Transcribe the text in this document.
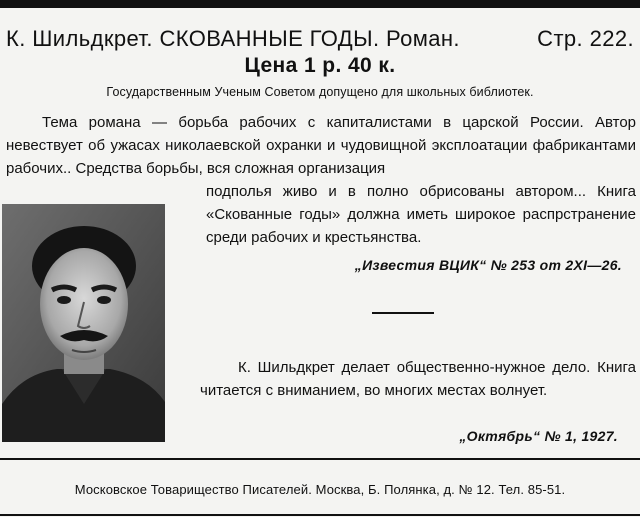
К. Шильдкрет. СКОВАННЫЕ ГОДЫ. Роман.	Стр. 222.
Цена 1 р. 40 к.
Государственным Ученым Советом допущено для школьных библиотек.

Тема романа — борьба рабочих с капиталистами в царской России. Автор невествует об ужасах николаевской охранки и чудовищной эксплоатации фабрикантами рабочих.. Средства борьбы, вся сложная организация

подполья живо и в полно обрисованы автором... Книга «Скованные годы» должна иметь широкое распрстранение среди рабочих и крестьянства.

„Известия ВЦИК“ № 253 от 2XI—26.

К. Шильдкрет делает общественно-нужное дело. Книга читается с вниманием, во многих местах волнует.

„Октябрь“ № 1, 1927.
Московское Товарищество Писателей. Москва, Б. Полянка, д. № 12. Тел. 85-51.
